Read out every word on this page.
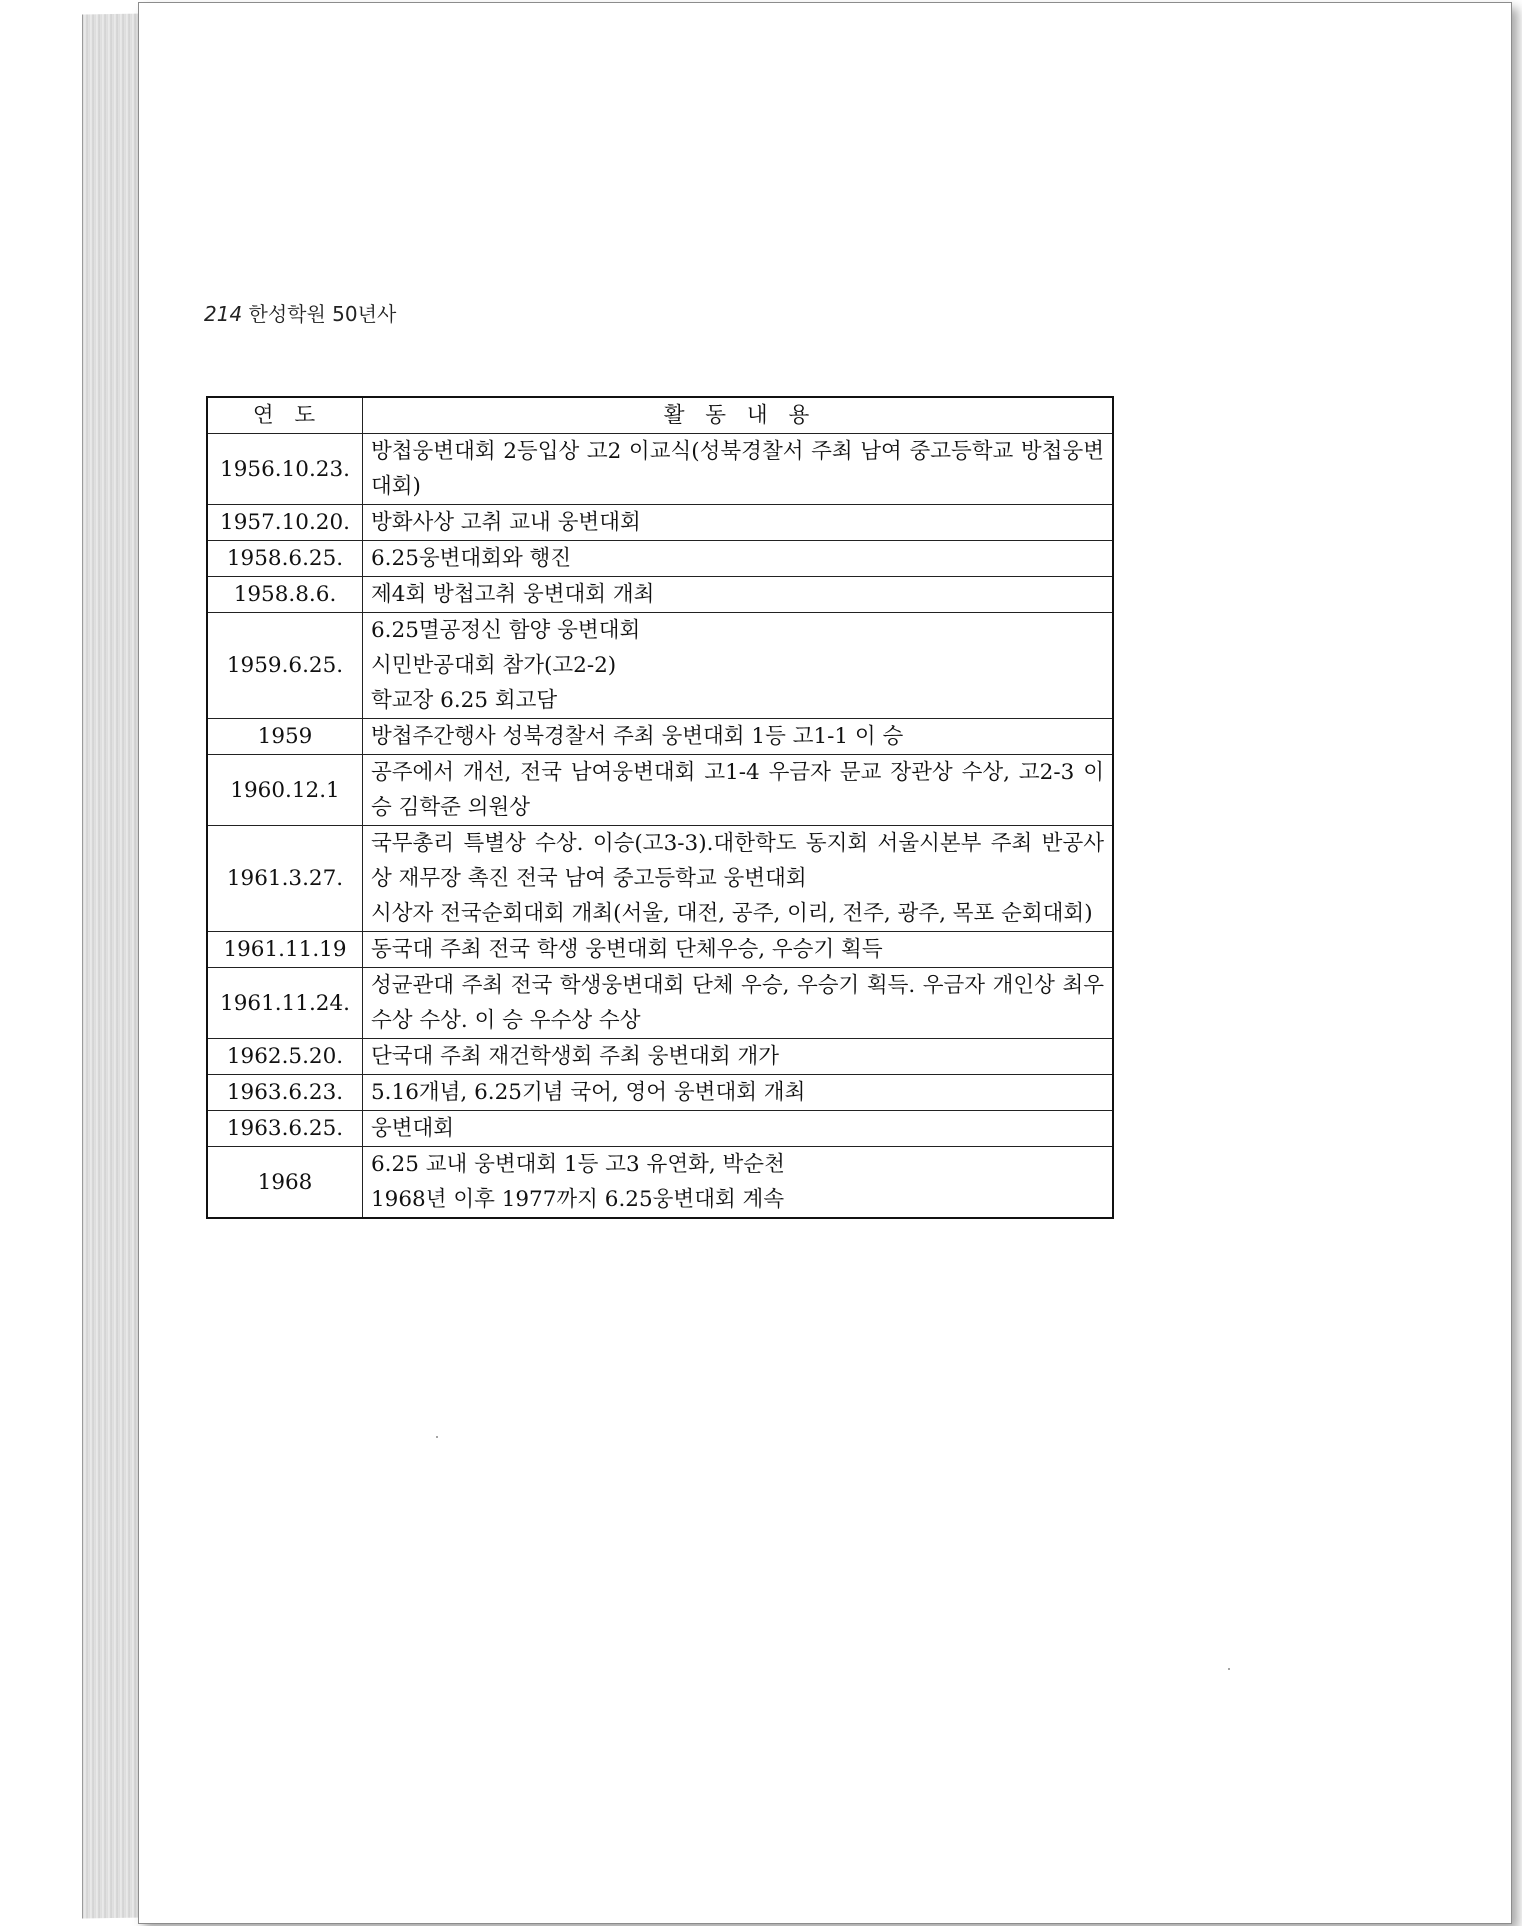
214 한성학원 50년사
연 도	활 동 내 용
1956.10.23.	방첩웅변대회 2등입상 고2 이교식(성북경찰서 주최 남여 중고등학교 방첩웅변대회)

1957.10.20.	방화사상 고취 교내 웅변대회

1958.6.25.	6.25웅변대회와 행진

1958.8.6.	제4회 방첩고취 웅변대회 개최

1959.6.25.	6.25멸공정신 함양 웅변대회
시민반공대회 참가(고2-2)
학교장 6.25 회고담

1959	방첩주간행사 성북경찰서 주최 웅변대회 1등 고1-1 이 승

1960.12.1	공주에서 개선, 전국 남여웅변대회 고1-4 우금자 문교 장관상 수상, 고2-3 이 승 김학준 의원상

1961.3.27.	국무총리 특별상 수상. 이승(고3-3).대한학도 동지회 서울시본부 주최 반공사상 재무장 촉진 전국 남여 중고등학교 웅변대회
시상자 전국순회대회 개최(서울, 대전, 공주, 이리, 전주, 광주, 목포 순회대회)

1961.11.19	동국대 주최 전국 학생 웅변대회 단체우승, 우승기 획득

1961.11.24.	성균관대 주최 전국 학생웅변대회 단체 우승, 우승기 획득. 우금자 개인상 최우수상 수상. 이 승 우수상 수상

1962.5.20.	단국대 주최 재건학생회 주최 웅변대회 개가

1963.6.23.	5.16개념, 6.25기념 국어, 영어 웅변대회 개최

1963.6.25.	웅변대회

1968	6.25 교내 웅변대회 1등 고3 유연화, 박순천
1968년 이후 1977까지 6.25웅변대회 계속
